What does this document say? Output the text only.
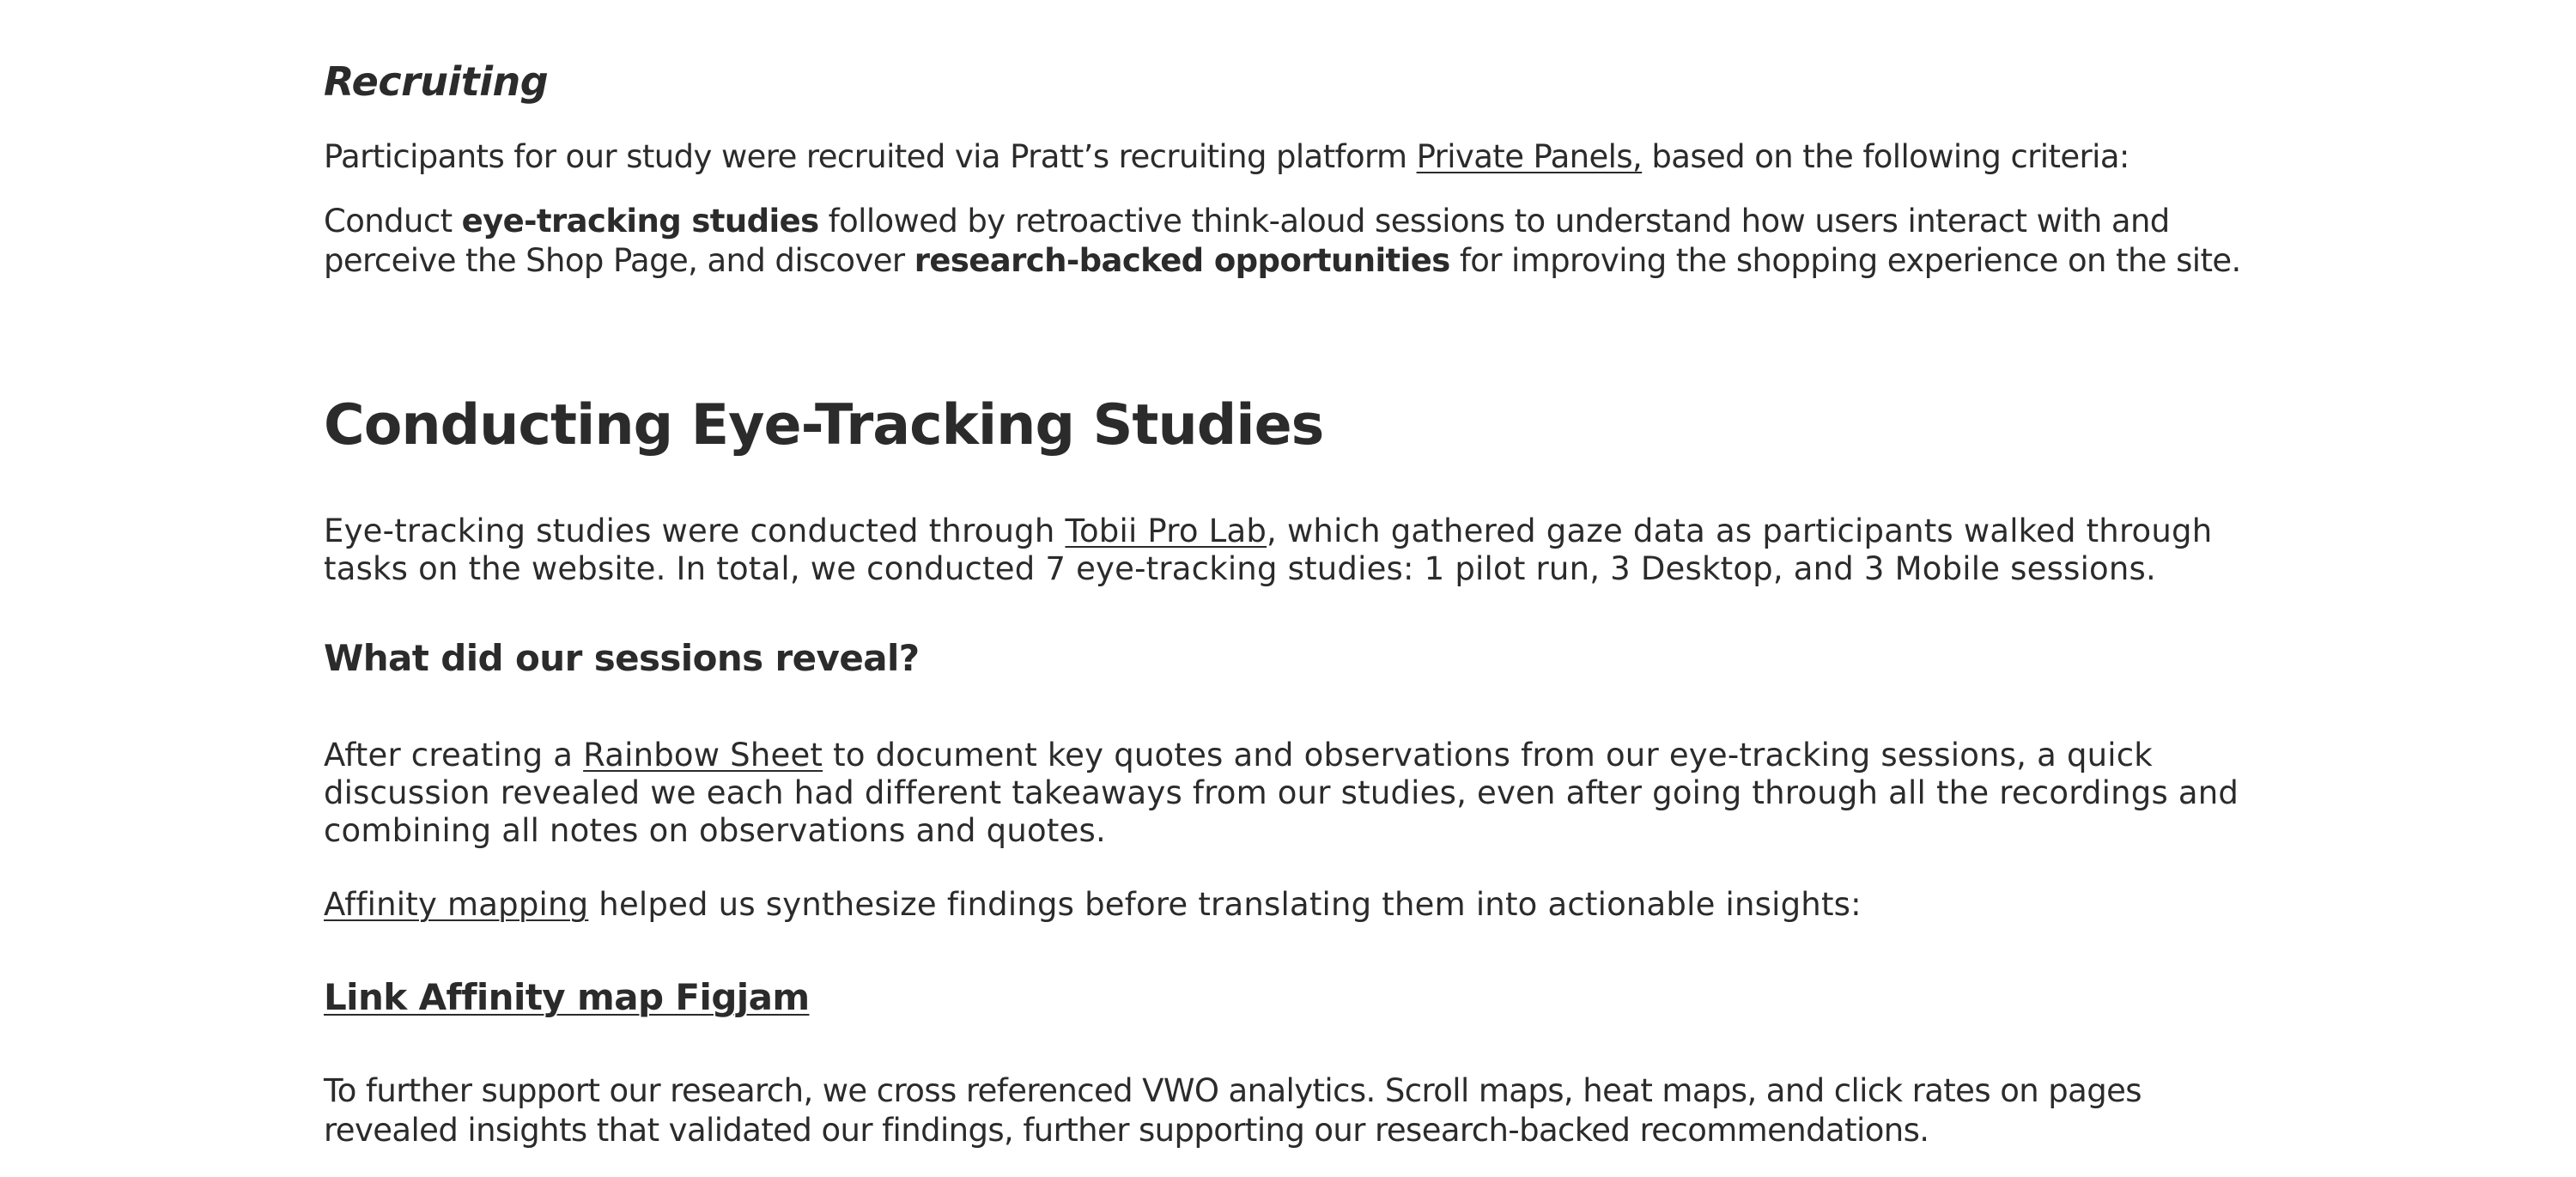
Recruiting

Participants for our study were recruited via Pratt’s recruiting platform Private Panels, based on the following criteria:

Conduct eye-tracking studies followed by retroactive think-aloud sessions to understand how users interact with and perceive the Shop Page, and discover research-backed opportunities for improving the shopping experience on the site.

Conducting Eye-Tracking Studies

Eye-tracking studies were conducted through Tobii Pro Lab, which gathered gaze data as participants walked through tasks on the website. In total, we conducted 7 eye-tracking studies: 1 pilot run, 3 Desktop, and 3 Mobile sessions.

What did our sessions reveal?

After creating a Rainbow Sheet to document key quotes and observations from our eye-tracking sessions, a quick discussion revealed we each had different takeaways from our studies, even after going through all the recordings and combining all notes on observations and quotes.

Affinity mapping helped us synthesize findings before translating them into actionable insights:

Link Affinity map Figjam

To further support our research, we cross referenced VWO analytics. Scroll maps, heat maps, and click rates on pages revealed insights that validated our findings, further supporting our research-backed recommendations.
